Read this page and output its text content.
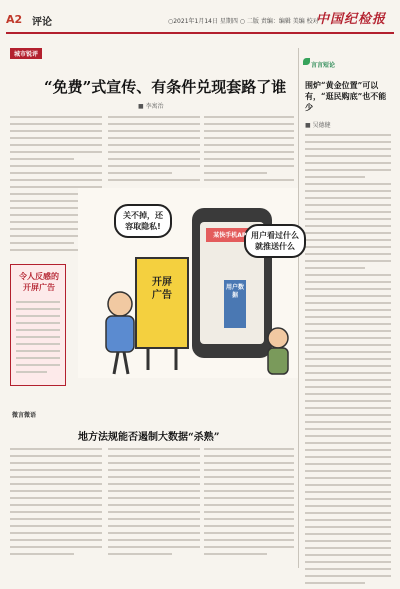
A2 评论	○2021年1月14日 星期四 ○ 二版 责编：编辑 美编 校对
中国纪检报
城市锐评
“免费”式宣传、有条件兑现套路了谁
■ 李寓治
言言短论
围炉“黄金位置”可以有，“逛民购底”也不能少
■ 吴德健
令人反感的开屏广告
关不掉，还容取隐私!
用户看过什么就推送什么
开屏广告
某快手机APP
用户数据
微言微语
地方法规能否遏制大数据“杀熟”
